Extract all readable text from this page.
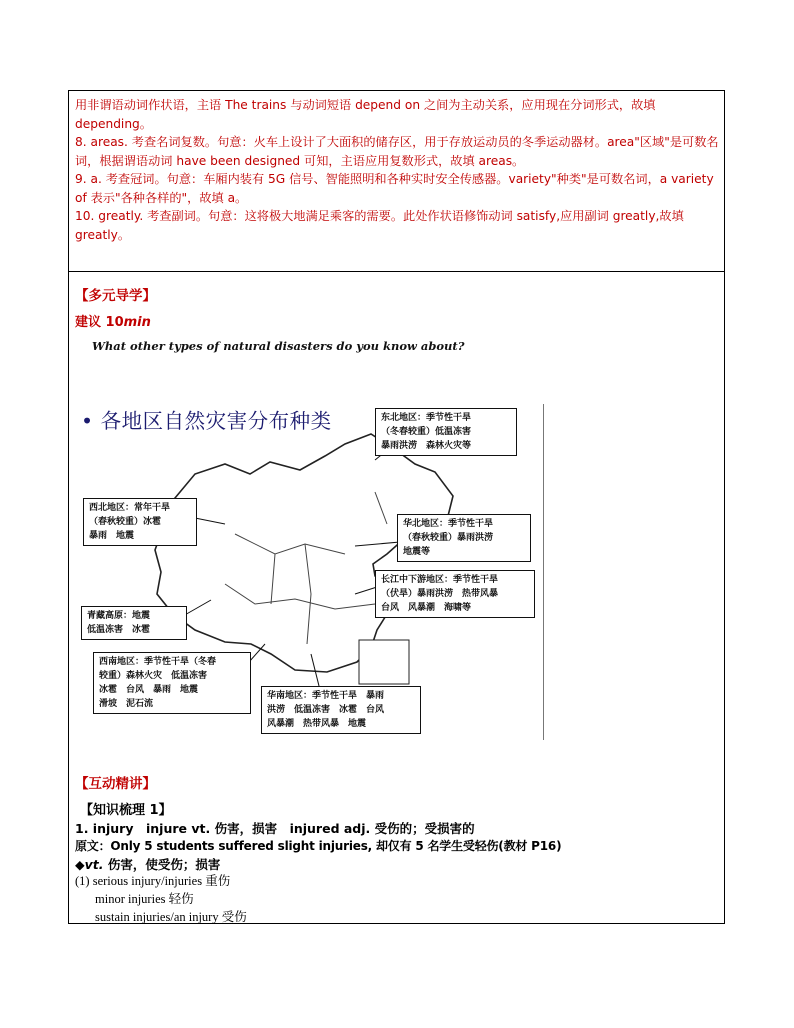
用非谓语动词作状语，主语 The trains 与动词短语 depend on 之间为主动关系，应用现在分词形式，故填 depending。

8. areas. 考查名词复数。句意：火车上设计了大面积的储存区，用于存放运动员的冬季运动器材。area"区域"是可数名词，根据谓语动词 have been designed 可知，主语应用复数形式，故填 areas。

9. a. 考查冠词。句意：车厢内装有 5G 信号、智能照明和各种实时安全传感器。variety"种类"是可数名词，a variety of 表示"各种各样的"，故填 a。

10. greatly. 考查副词。句意：这将极大地满足乘客的需要。此处作状语修饰动词 satisfy,应用副词 greatly,故填 greatly。

【多元导学】
建议 10min
What other types of natural disasters do you know about?
• 各地区自然灾害分布种类	东北地区：季节性干旱
（冬春较重）低温冻害
暴雨洪涝　森林火灾等
西北地区：常年干旱
（春秋较重）冰雹
暴雨　地震
华北地区：季节性干旱
（春秋较重）暴雨洪涝
地震等
长江中下游地区：季节性干旱
（伏旱）暴雨洪涝　热带风暴
台风　风暴潮　海啸等
青藏高原：地震
低温冻害　冰雹
西南地区：季节性干旱（冬春
较重）森林火灾　低温冻害
冰雹　台风　暴雨　地震
滑坡　泥石流
华南地区：季节性干旱　暴雨
洪涝　低温冻害　冰雹　台风
风暴潮　热带风暴　地震
【互动精讲】
【知识梳理 1】
1. injury　injure vt. 伤害，损害　injured adj. 受伤的；受损害的
原文：Only 5 students suffered slight injuries, 却仅有 5 名学生受轻伤(教材 P16)
◆vt. 伤害，使受伤；损害
(1) serious injury/injuries 重伤
minor injuries 轻伤
sustain injuries/an injury 受伤
